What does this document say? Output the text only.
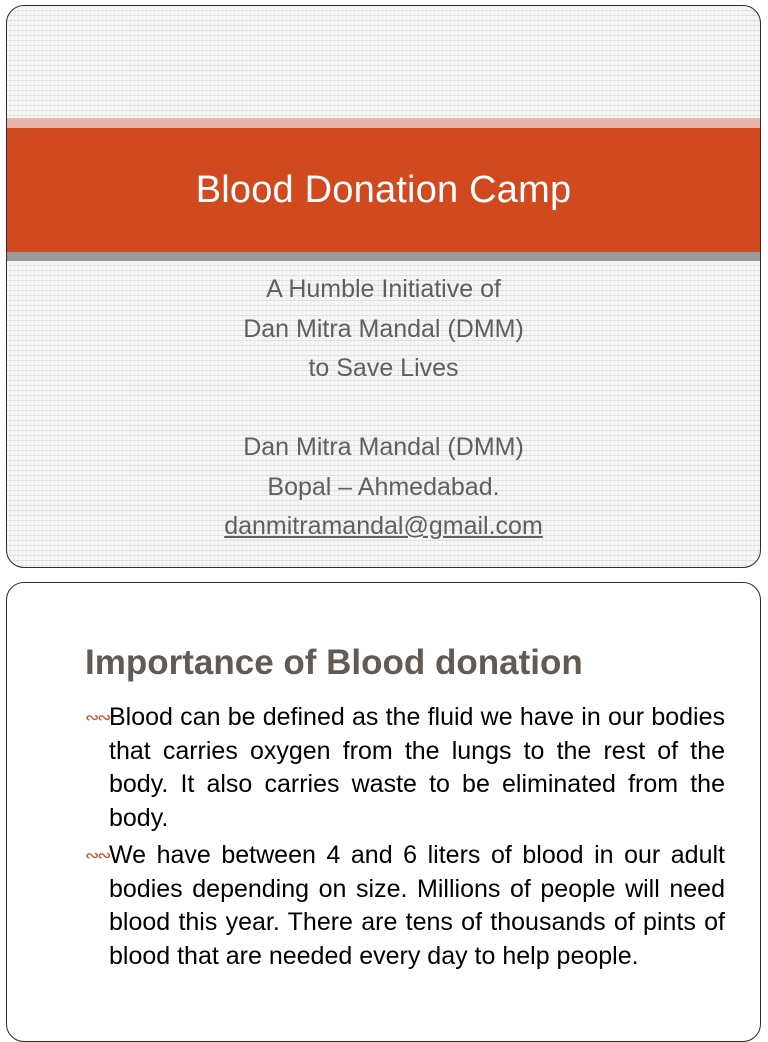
Blood Donation Camp
A Humble Initiative of
Dan Mitra Mandal (DMM)
to Save Lives
Dan Mitra Mandal (DMM)
Bopal – Ahmedabad.
danmitramandal@gmail.com
Importance of Blood donation
∾∾ Blood can be defined as the fluid we have in our bodies that carries oxygen from the lungs to the rest of the body. It also carries waste to be eliminated from the body.
∾∾ We have between 4 and 6 liters of blood in our adult bodies depending on size. Millions of people will need blood this year. There are tens of thousands of pints of blood that are needed every day to help people.
